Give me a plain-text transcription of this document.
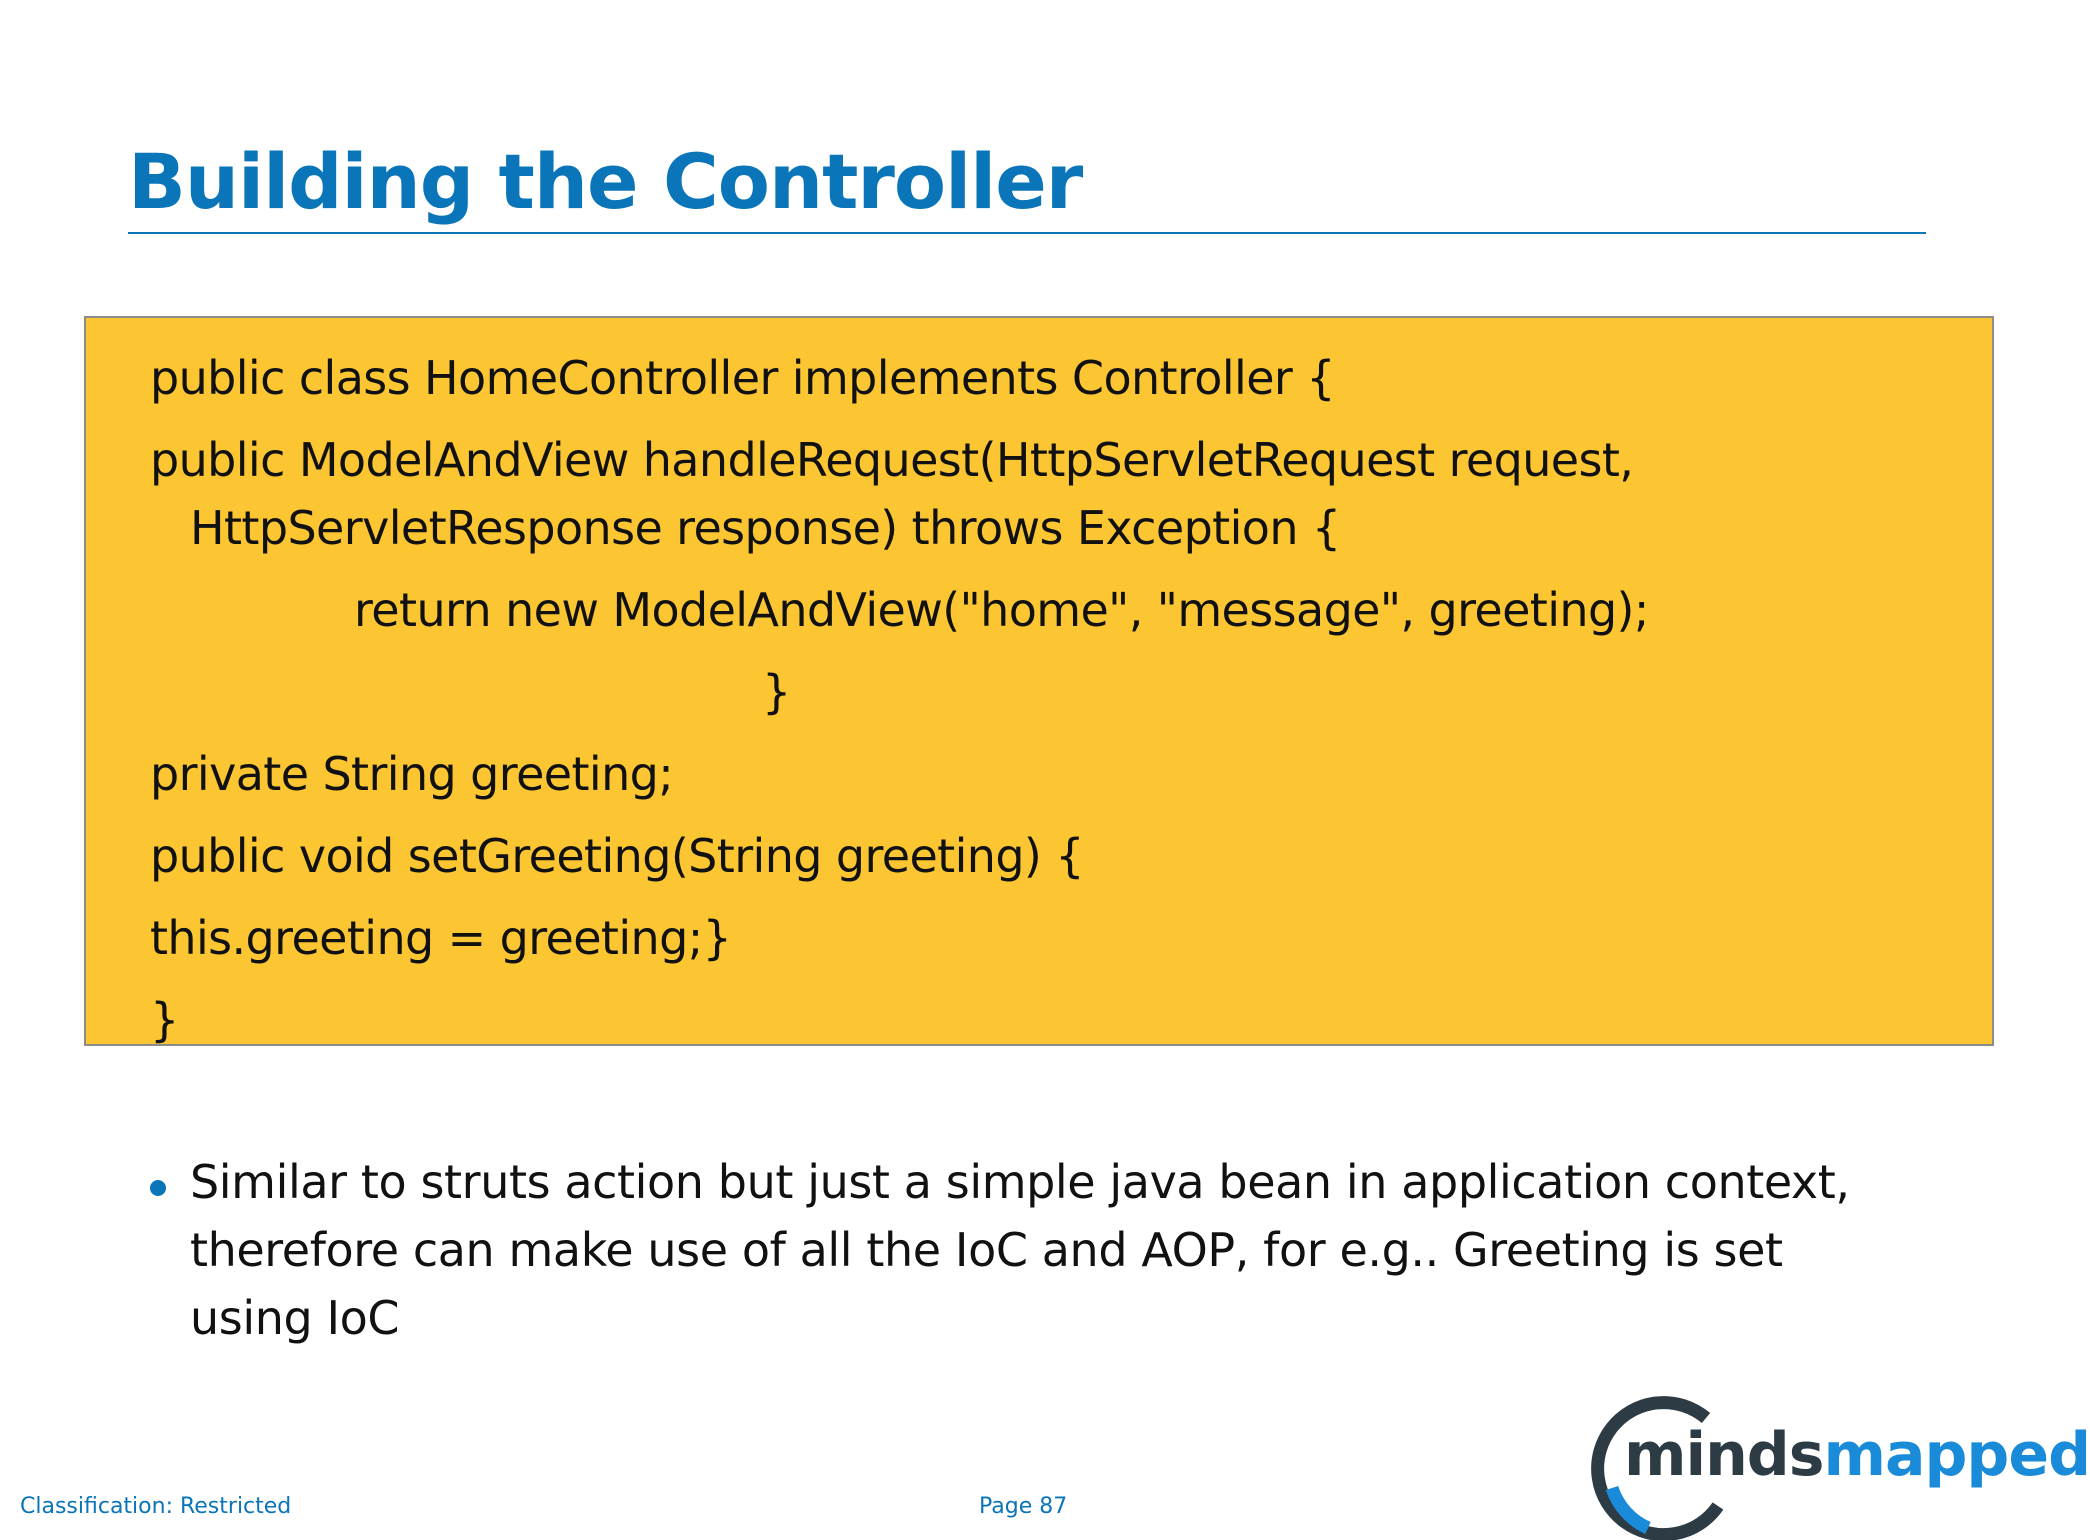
Building the Controller

public class HomeController implements Controller {

public ModelAndView handleRequest(HttpServletRequest request,

HttpServletResponse response) throws Exception {

return new ModelAndView("home", "message", greeting);

}

private String greeting;

public void setGreeting(String greeting) {

this.greeting = greeting;}

}

Similar to struts action but just a simple java bean in application context, therefore can make use of all the IoC and AOP, for e.g.. Greeting is set using IoC

Classification: Restricted	Page 87
mindsmapped
